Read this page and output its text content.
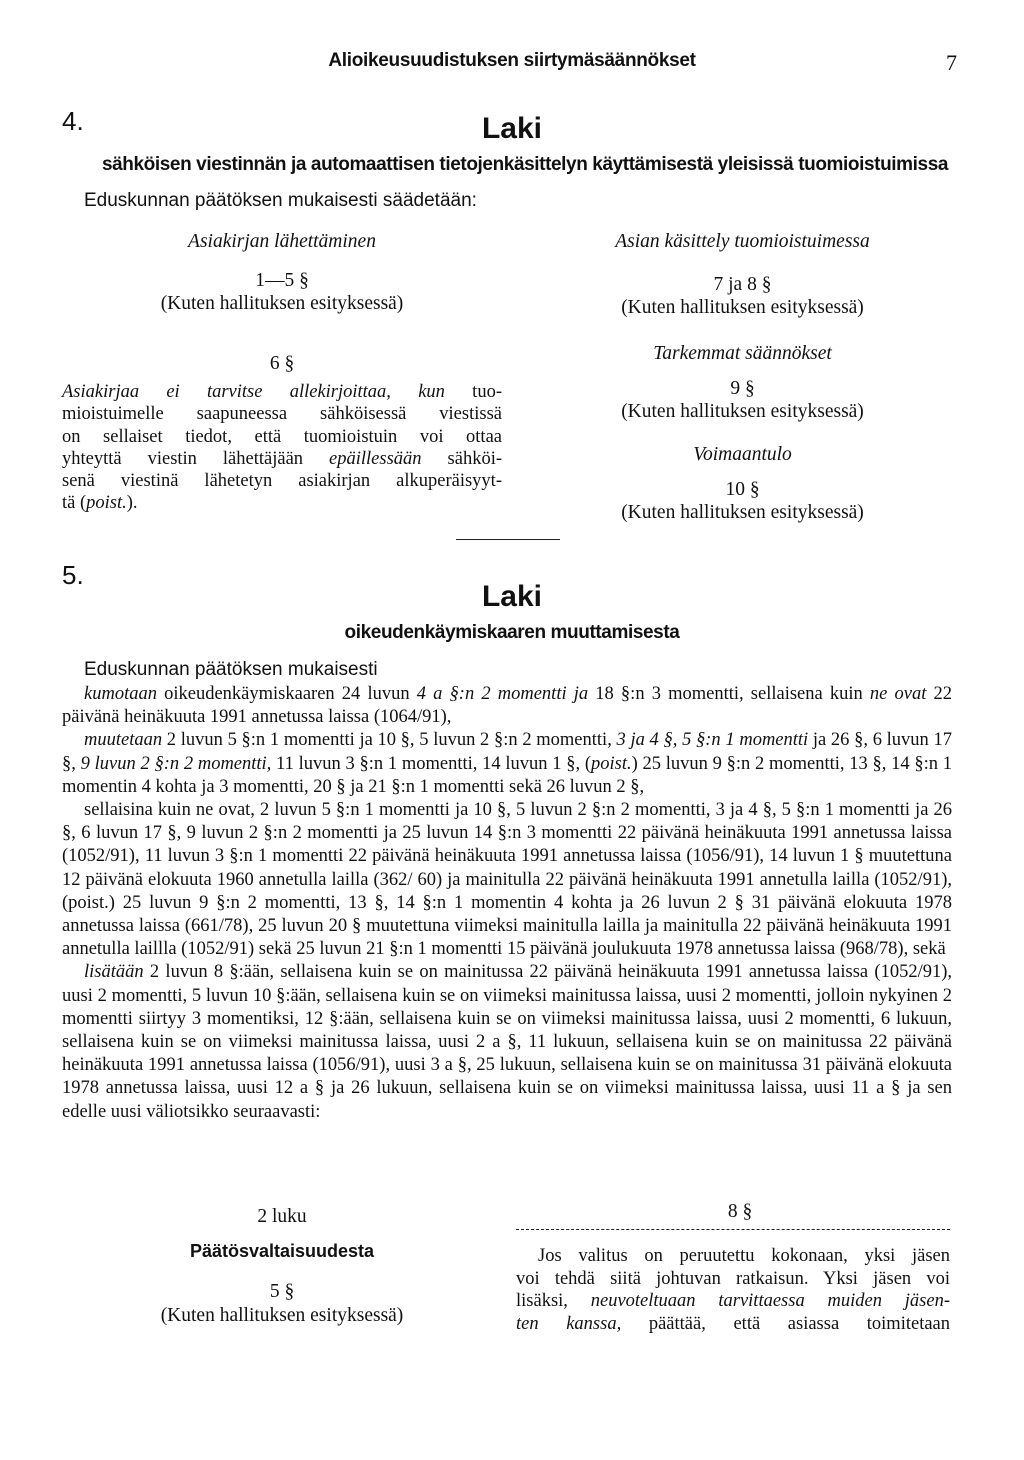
Alioikeusuudistuksen siirtymäsäännökset	7
4.	Laki
sähköisen viestinnän ja automaattisen tietojenkäsittelyn käyttämisestä yleisissä tuomioistuimissa
Eduskunnan päätöksen mukaisesti säädetään:
Asiakirjan lähettäminen
1—5 §
(Kuten hallituksen esityksessä)
6 §
Asiakirjaa ei tarvitse allekirjoittaa, kun tuo-
mioistuimelle saapuneessa sähköisessä viestissä
on sellaiset tiedot, että tuomioistuin voi ottaa
yhteyttä viestin lähettäjään epäillessään sähköi-
senä viestinä lähetetyn asiakirjan alkuperäisyyt-
tä (poist.).
Asian käsittely tuomioistuimessa
7 ja 8 §
(Kuten hallituksen esityksessä)
Tarkemmat säännökset
9 §
(Kuten hallituksen esityksessä)
Voimaantulo
10 §
(Kuten hallituksen esityksessä)
5.
Laki
oikeudenkäymiskaaren muuttamisesta
Eduskunnan päätöksen mukaisesti

kumotaan oikeudenkäymiskaaren 24 luvun 4 a §:n 2 momentti ja 18 §:n 3 momentti, sellaisena kuin ne ovat 22 päivänä heinäkuuta 1991 annetussa laissa (1064/91),

muutetaan 2 luvun 5 §:n 1 momentti ja 10 §, 5 luvun 2 §:n 2 momentti, 3 ja 4 §, 5 §:n 1 momentti ja 26 §, 6 luvun 17 §, 9 luvun 2 §:n 2 momentti, 11 luvun 3 §:n 1 momentti, 14 luvun 1 §, (poist.) 25 luvun 9 §:n 2 momentti, 13 §, 14 §:n 1 momentin 4 kohta ja 3 momentti, 20 § ja 21 §:n 1 momentti sekä 26 luvun 2 §,

sellaisina kuin ne ovat, 2 luvun 5 §:n 1 momentti ja 10 §, 5 luvun 2 §:n 2 momentti, 3 ja 4 §, 5 §:n 1 momentti ja 26 §, 6 luvun 17 §, 9 luvun 2 §:n 2 momentti ja 25 luvun 14 §:n 3 momentti 22 päivänä heinäkuuta 1991 annetussa laissa (1052/91), 11 luvun 3 §:n 1 momentti 22 päivänä heinäkuuta 1991 annetussa laissa (1056/91), 14 luvun 1 § muutettuna 12 päivänä elokuuta 1960 annetulla lailla (362/ 60) ja mainitulla 22 päivänä heinäkuuta 1991 annetulla lailla (1052/91), (poist.) 25 luvun 9 §:n 2 momentti, 13 §, 14 §:n 1 momentin 4 kohta ja 26 luvun 2 § 31 päivänä elokuuta 1978 annetussa laissa (661/78), 25 luvun 20 § muutettuna viimeksi mainitulla lailla ja mainitulla 22 päivänä heinäkuuta 1991 annetulla laillla (1052/91) sekä 25 luvun 21 §:n 1 momentti 15 päivänä joulukuuta 1978 annetussa laissa (968/78), sekä

lisätään 2 luvun 8 §:ään, sellaisena kuin se on mainitussa 22 päivänä heinäkuuta 1991 annetussa laissa (1052/91), uusi 2 momentti, 5 luvun 10 §:ään, sellaisena kuin se on viimeksi mainitussa laissa, uusi 2 momentti, jolloin nykyinen 2 momentti siirtyy 3 momentiksi, 12 §:ään, sellaisena kuin se on viimeksi mainitussa laissa, uusi 2 momentti, 6 lukuun, sellaisena kuin se on viimeksi mainitussa laissa, uusi 2 a §, 11 lukuun, sellaisena kuin se on mainitussa 22 päivänä heinäkuuta 1991 annetussa laissa (1056/91), uusi 3 a §, 25 lukuun, sellaisena kuin se on mainitussa 31 päivänä elokuuta 1978 annetussa laissa, uusi 12 a § ja 26 lukuun, sellaisena kuin se on viimeksi mainitussa laissa, uusi 11 a § ja sen edelle uusi väliotsikko seuraavasti:

2 luku
Päätösvaltaisuudesta
5 §
(Kuten hallituksen esityksessä)
8 §
Jos valitus on peruutettu kokonaan, yksi jäsen
voi tehdä siitä johtuvan ratkaisun. Yksi jäsen voi
lisäksi, neuvoteltuaan tarvittaessa muiden jäsen-
ten kanssa, päättää, että asiassa toimitetaan
